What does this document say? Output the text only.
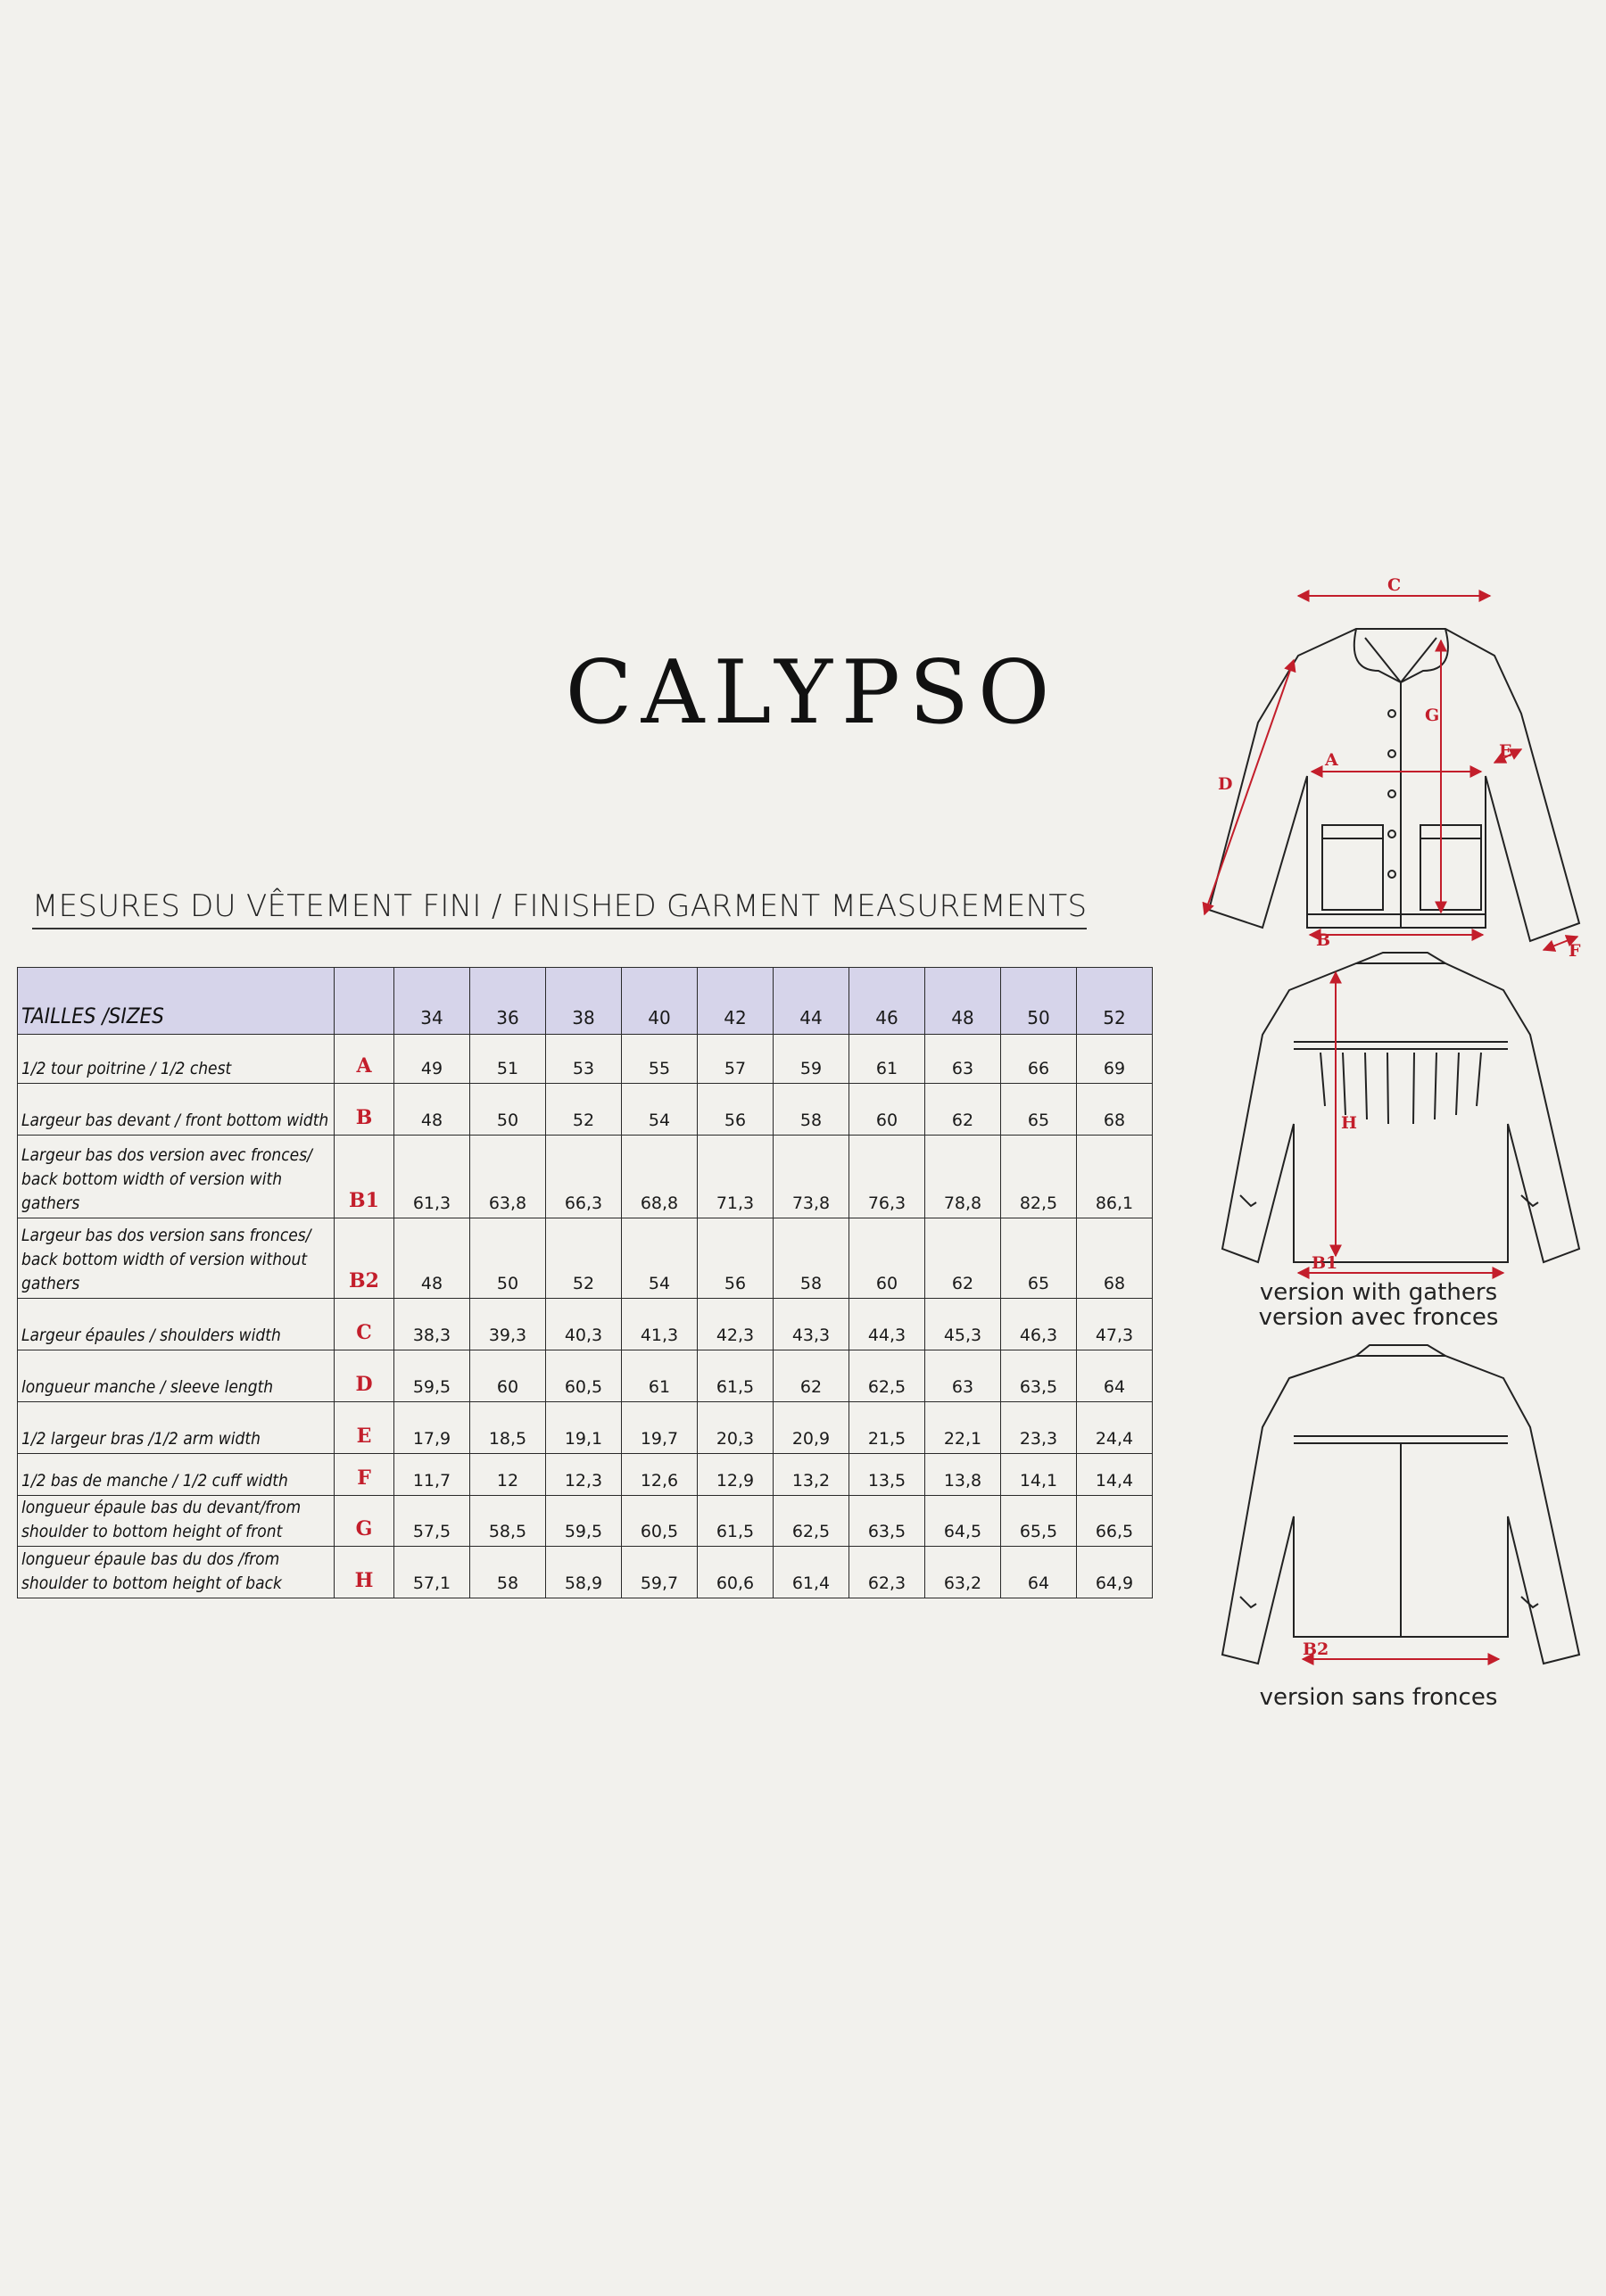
CALYPSO
MESURES DU VÊTEMENT FINI / FINISHED GARMENT MEASUREMENTS
TAILLES /SIZES		34	36	38	40	42	44	46	48	50	52
1/2 tour poitrine / 1/2 chest	A	49	51	53	55	57	59	61	63	66	69
Largeur bas devant / front bottom width	B	48	50	52	54	56	58	60	62	65	68
Largeur bas dos version avec fronces/ back bottom width of version with gathers	B1	61,3	63,8	66,3	68,8	71,3	73,8	76,3	78,8	82,5	86,1
Largeur bas dos version sans fronces/ back bottom width of version without gathers	B2	48	50	52	54	56	58	60	62	65	68
Largeur épaules / shoulders width	C	38,3	39,3	40,3	41,3	42,3	43,3	44,3	45,3	46,3	47,3
longueur manche / sleeve length	D	59,5	60	60,5	61	61,5	62	62,5	63	63,5	64
1/2 largeur bras /1/2 arm width	E	17,9	18,5	19,1	19,7	20,3	20,9	21,5	22,1	23,3	24,4
1/2 bas de manche / 1/2 cuff width	F	11,7	12	12,3	12,6	12,9	13,2	13,5	13,8	14,1	14,4
longueur épaule bas du devant/from shoulder to bottom height of front	G	57,5	58,5	59,5	60,5	61,5	62,5	63,5	64,5	65,5	66,5
longueur épaule bas du dos /from shoulder to bottom height of back	H	57,1	58	58,9	59,7	60,6	61,4	62,3	63,2	64	64,9
C
A
D
E
G
B
F
H
B1
B2
version with gathers
version avec fronces
version sans fronces
